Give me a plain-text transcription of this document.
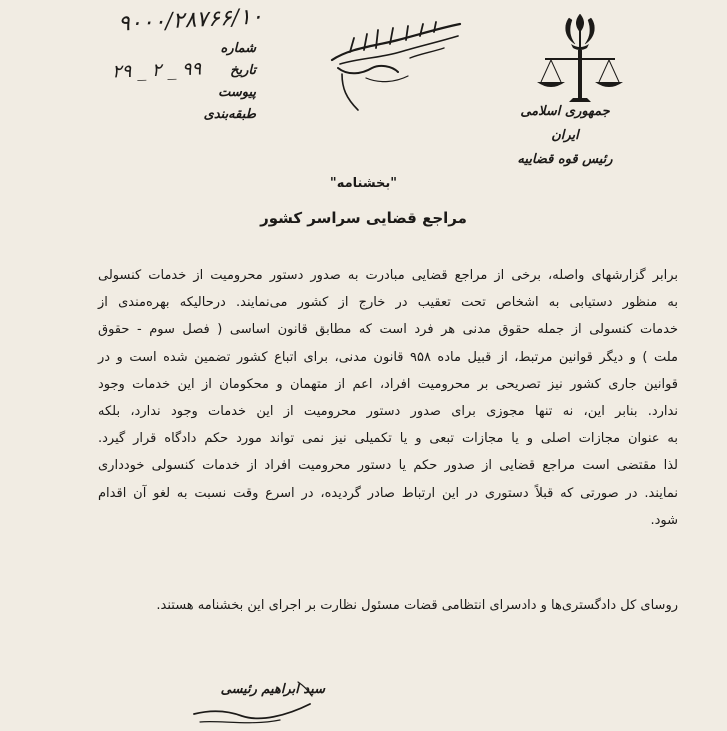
۹۰۰۰/۲۸۷۶۶/۱۰
۹۹ _ ۲ _ ۲۹
شماره
تاریخ
پیوست
طبقه‌بندی	جمهوری اسلامی ایران
رئیس قوه قضاییه
"بخشنامه"
مراجع قضایی سراسر کشور
برابر گزارشهای واصله، برخی از مراجع قضایی مبادرت به صدور دستور محرومیت از خدمات کنسولی
به منظور دستیابی به اشخاص تحت تعقیب در خارج از کشور می‌نمایند. درحالیکه بهره‌مندی از
خدمات کنسولی از جمله حقوق مدنی هر فرد است که مطابق قانون اساسی ( فصل سوم - حقوق
ملت ) و دیگر قوانین مرتبط، از قبیل ماده ۹۵۸ قانون مدنی، برای اتباع کشور تضمین شده است و در
قوانین جاری کشور نیز تصریحی بر محرومیت افراد، اعم از متهمان و محکومان از این خدمات وجود
ندارد. بنابر این، نه تنها مجوزی برای صدور دستور محرومیت از این خدمات وجود ندارد، بلکه
به عنوان مجازات اصلی و یا مجازات تبعی و یا تکمیلی نیز نمی تواند مورد حکم دادگاه قرار گیرد.
لذا مقتضی است مراجع قضایی از صدور حکم یا دستور محرومیت افراد از خدمات کنسولی خودداری
نمایند. در صورتی که قبلاً دستوری در این ارتباط صادر گردیده، در اسرع وقت نسبت به لغو آن اقدام
شود.
روسای کل دادگستری‌ها و دادسرای انتظامی قضات مسئول نظارت بر اجرای این بخشنامه هستند.
سید ابراهیم رئیسی
